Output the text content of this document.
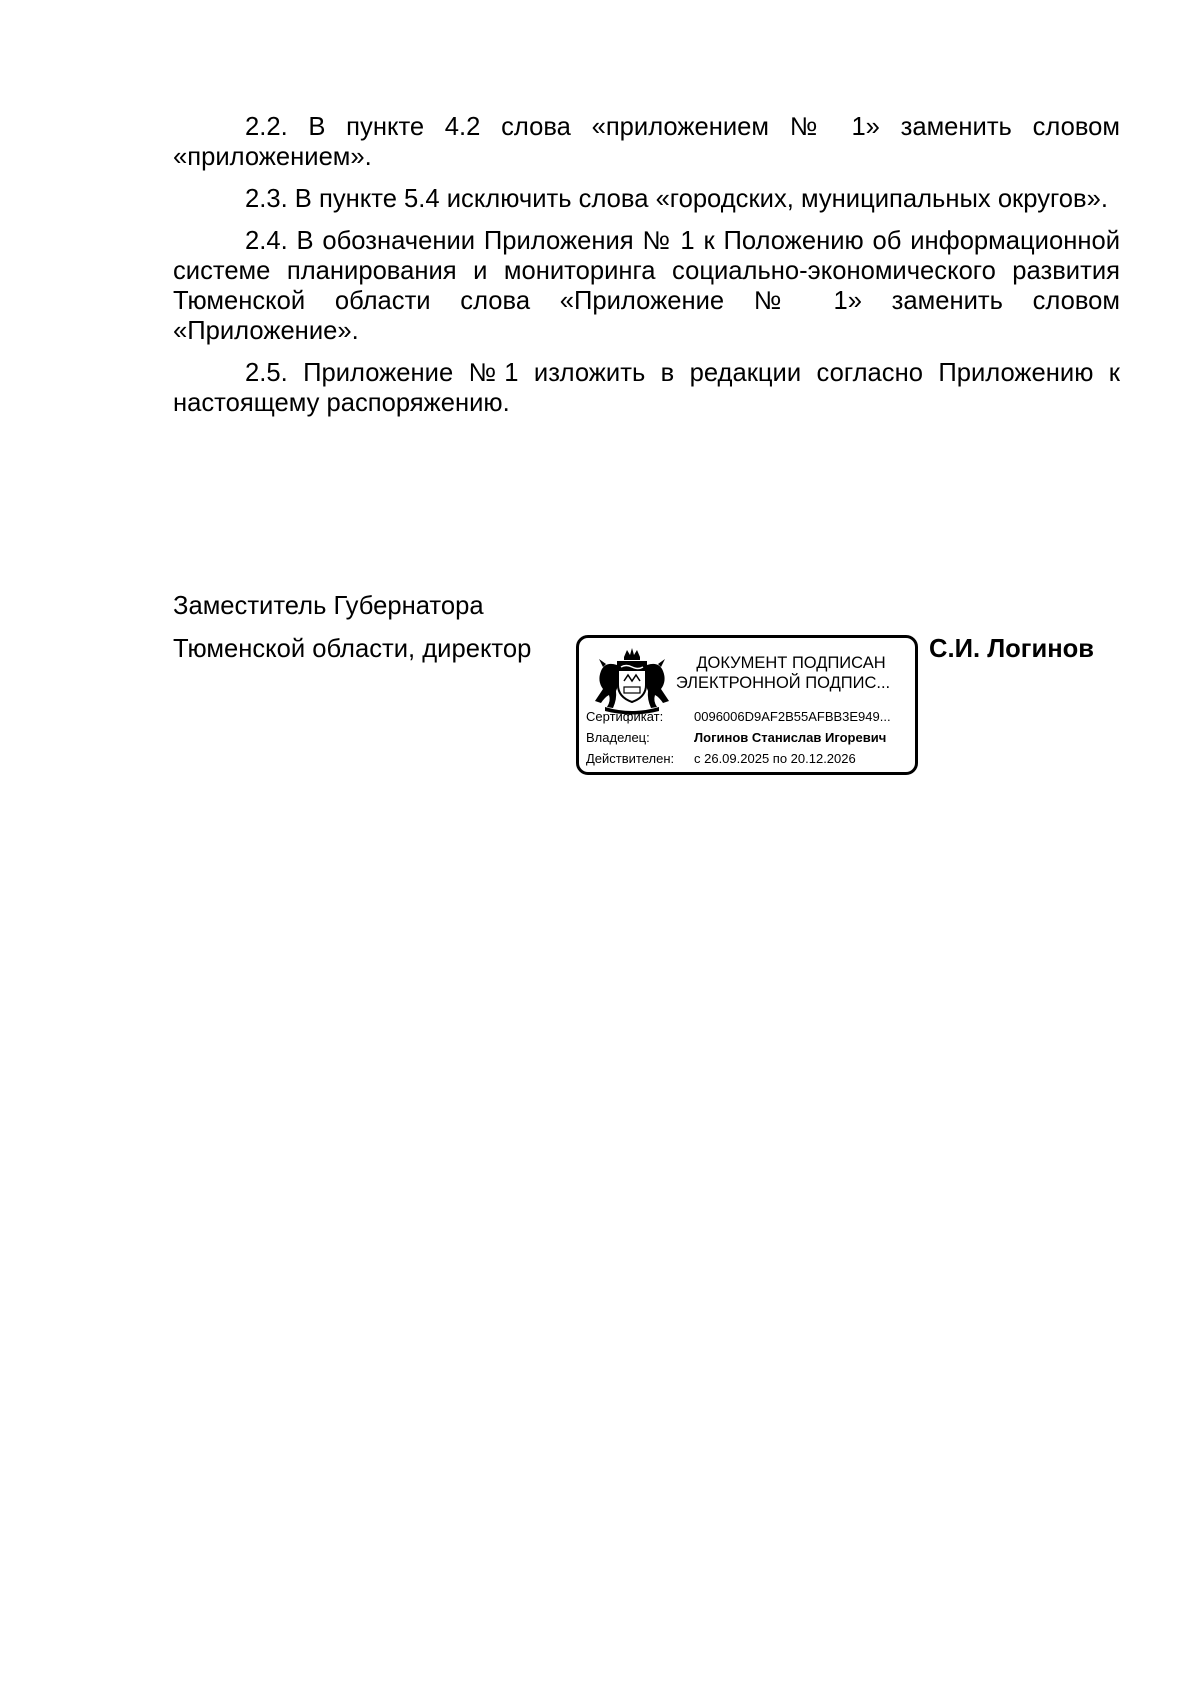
2.2. В пункте 4.2 слова «приложением № 1» заменить словом «приложением».

2.3. В пункте 5.4 исключить слова «городских, муниципальных округов».

2.4. В обозначении Приложения № 1 к Положению об информационной системе планирования и мониторинга социально-экономического развития Тюменской области слова «Приложение № 1» заменить словом «Приложение».

2.5. Приложение №1 изложить в редакции согласно Приложению к настоящему распоряжению.

Заместитель Губернатора
Тюменской области, директор	ДОКУМЕНТ ПОДПИСАН
ЭЛЕКТРОННОЙ ПОДПИС...
Сертификат: 0096006D9AF2B55AFBB3E949...
Владелец:	Логинов Станислав Игоревич
Действителен: с 26.09.2025 по 20.12.2026
С.И. Логинов
